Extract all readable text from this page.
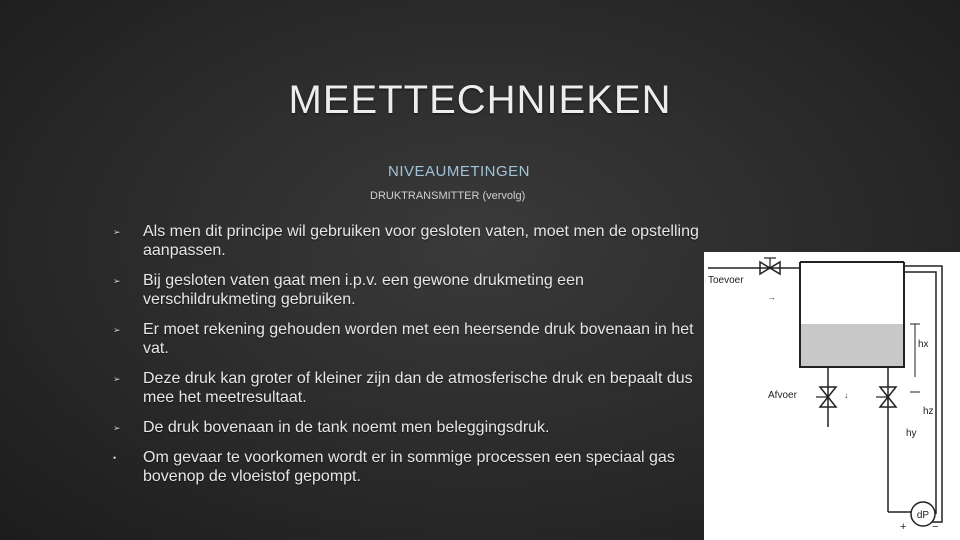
MEETTECHNIEKEN
NIVEAUMETINGEN
DRUKTRANSMITTER (vervolg)
➢ Als men dit principe wil gebruiken voor gesloten vaten, moet men de opstelling aanpassen.
➢ Bij gesloten vaten gaat men i.p.v. een gewone drukmeting een verschildrukmeting gebruiken.
➢ Er moet rekening gehouden worden met een heersende druk bovenaan in het vat.
➢ Deze druk kan groter of kleiner zijn dan de atmosferische druk en bepaalt dus mee het meetresultaat.
➢ De druk bovenaan in de tank noemt men beleggingsdruk.
• Om gevaar te voorkomen wordt er in sommige processen een speciaal gas bovenop de vloeistof gepompt.
Toevoer
→
Afvoer	↓
dP
+ −
hx
hy
hz
